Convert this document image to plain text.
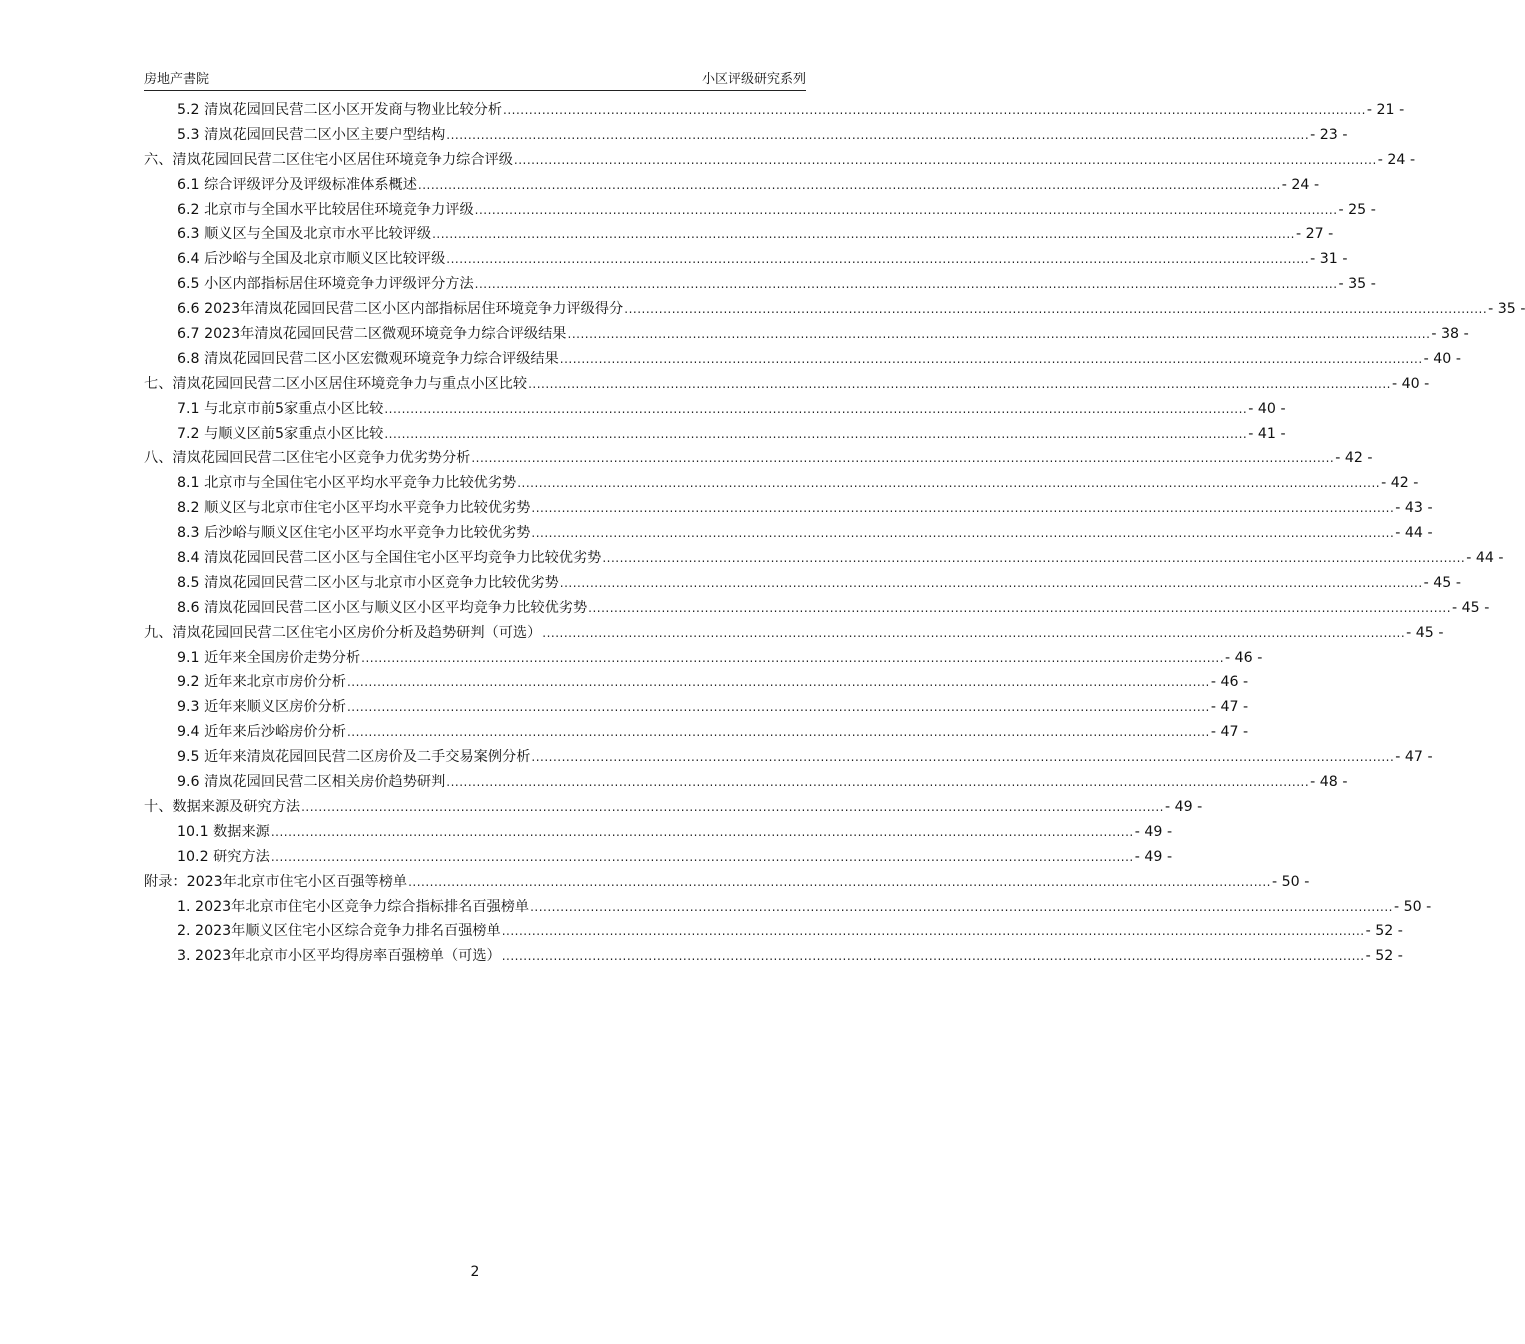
房地产書院	小区评级研究系列
5.2 清岚花园回民营二区小区开发商与物业比较分析 ........................................................................................................................................................................................................ - 21 -
5.3 清岚花园回民营二区小区主要户型结构 ........................................................................................................................................................................................................ - 23 -
六、清岚花园回民营二区住宅小区居住环境竞争力综合评级 ........................................................................................................................................................................................................ - 24 -
6.1 综合评级评分及评级标准体系概述 ........................................................................................................................................................................................................ - 24 -
6.2 北京市与全国水平比较居住环境竞争力评级 ........................................................................................................................................................................................................ - 25 -
6.3 顺义区与全国及北京市水平比较评级 ........................................................................................................................................................................................................ - 27 -
6.4 后沙峪与全国及北京市顺义区比较评级 ........................................................................................................................................................................................................ - 31 -
6.5 小区内部指标居住环境竞争力评级评分方法 ........................................................................................................................................................................................................ - 35 -
6.6 2023年清岚花园回民营二区小区内部指标居住环境竞争力评级得分 ........................................................................................................................................................................................................ - 35 -
6.7 2023年清岚花园回民营二区微观环境竞争力综合评级结果 ........................................................................................................................................................................................................ - 38 -
6.8 清岚花园回民营二区小区宏微观环境竞争力综合评级结果 ........................................................................................................................................................................................................ - 40 -
七、清岚花园回民营二区小区居住环境竞争力与重点小区比较 ........................................................................................................................................................................................................ - 40 -
7.1 与北京市前5家重点小区比较 ........................................................................................................................................................................................................ - 40 -
7.2 与顺义区前5家重点小区比较 ........................................................................................................................................................................................................ - 41 -
八、清岚花园回民营二区住宅小区竞争力优劣势分析 ........................................................................................................................................................................................................ - 42 -
8.1 北京市与全国住宅小区平均水平竞争力比较优劣势 ........................................................................................................................................................................................................ - 42 -
8.2 顺义区与北京市住宅小区平均水平竞争力比较优劣势 ........................................................................................................................................................................................................ - 43 -
8.3 后沙峪与顺义区住宅小区平均水平竞争力比较优劣势 ........................................................................................................................................................................................................ - 44 -
8.4 清岚花园回民营二区小区与全国住宅小区平均竞争力比较优劣势 ........................................................................................................................................................................................................ - 44 -
8.5 清岚花园回民营二区小区与北京市小区竞争力比较优劣势 ........................................................................................................................................................................................................ - 45 -
8.6 清岚花园回民营二区小区与顺义区小区平均竞争力比较优劣势 ........................................................................................................................................................................................................ - 45 -
九、清岚花园回民营二区住宅小区房价分析及趋势研判（可选） ........................................................................................................................................................................................................ - 45 -
9.1 近年来全国房价走势分析 ........................................................................................................................................................................................................ - 46 -
9.2 近年来北京市房价分析 ........................................................................................................................................................................................................ - 46 -
9.3 近年来顺义区房价分析 ........................................................................................................................................................................................................ - 47 -
9.4 近年来后沙峪房价分析 ........................................................................................................................................................................................................ - 47 -
9.5 近年来清岚花园回民营二区房价及二手交易案例分析 ........................................................................................................................................................................................................ - 47 -
9.6 清岚花园回民营二区相关房价趋势研判 ........................................................................................................................................................................................................ - 48 -
十、数据来源及研究方法 ........................................................................................................................................................................................................ - 49 -
10.1 数据来源 ........................................................................................................................................................................................................ - 49 -
10.2 研究方法 ........................................................................................................................................................................................................ - 49 -
附录：2023年北京市住宅小区百强等榜单 ........................................................................................................................................................................................................ - 50 -
1. 2023年北京市住宅小区竞争力综合指标排名百强榜单 ........................................................................................................................................................................................................ - 50 -
2. 2023年顺义区住宅小区综合竞争力排名百强榜单 ........................................................................................................................................................................................................ - 52 -
3. 2023年北京市小区平均得房率百强榜单（可选） ........................................................................................................................................................................................................ - 52 -
2
